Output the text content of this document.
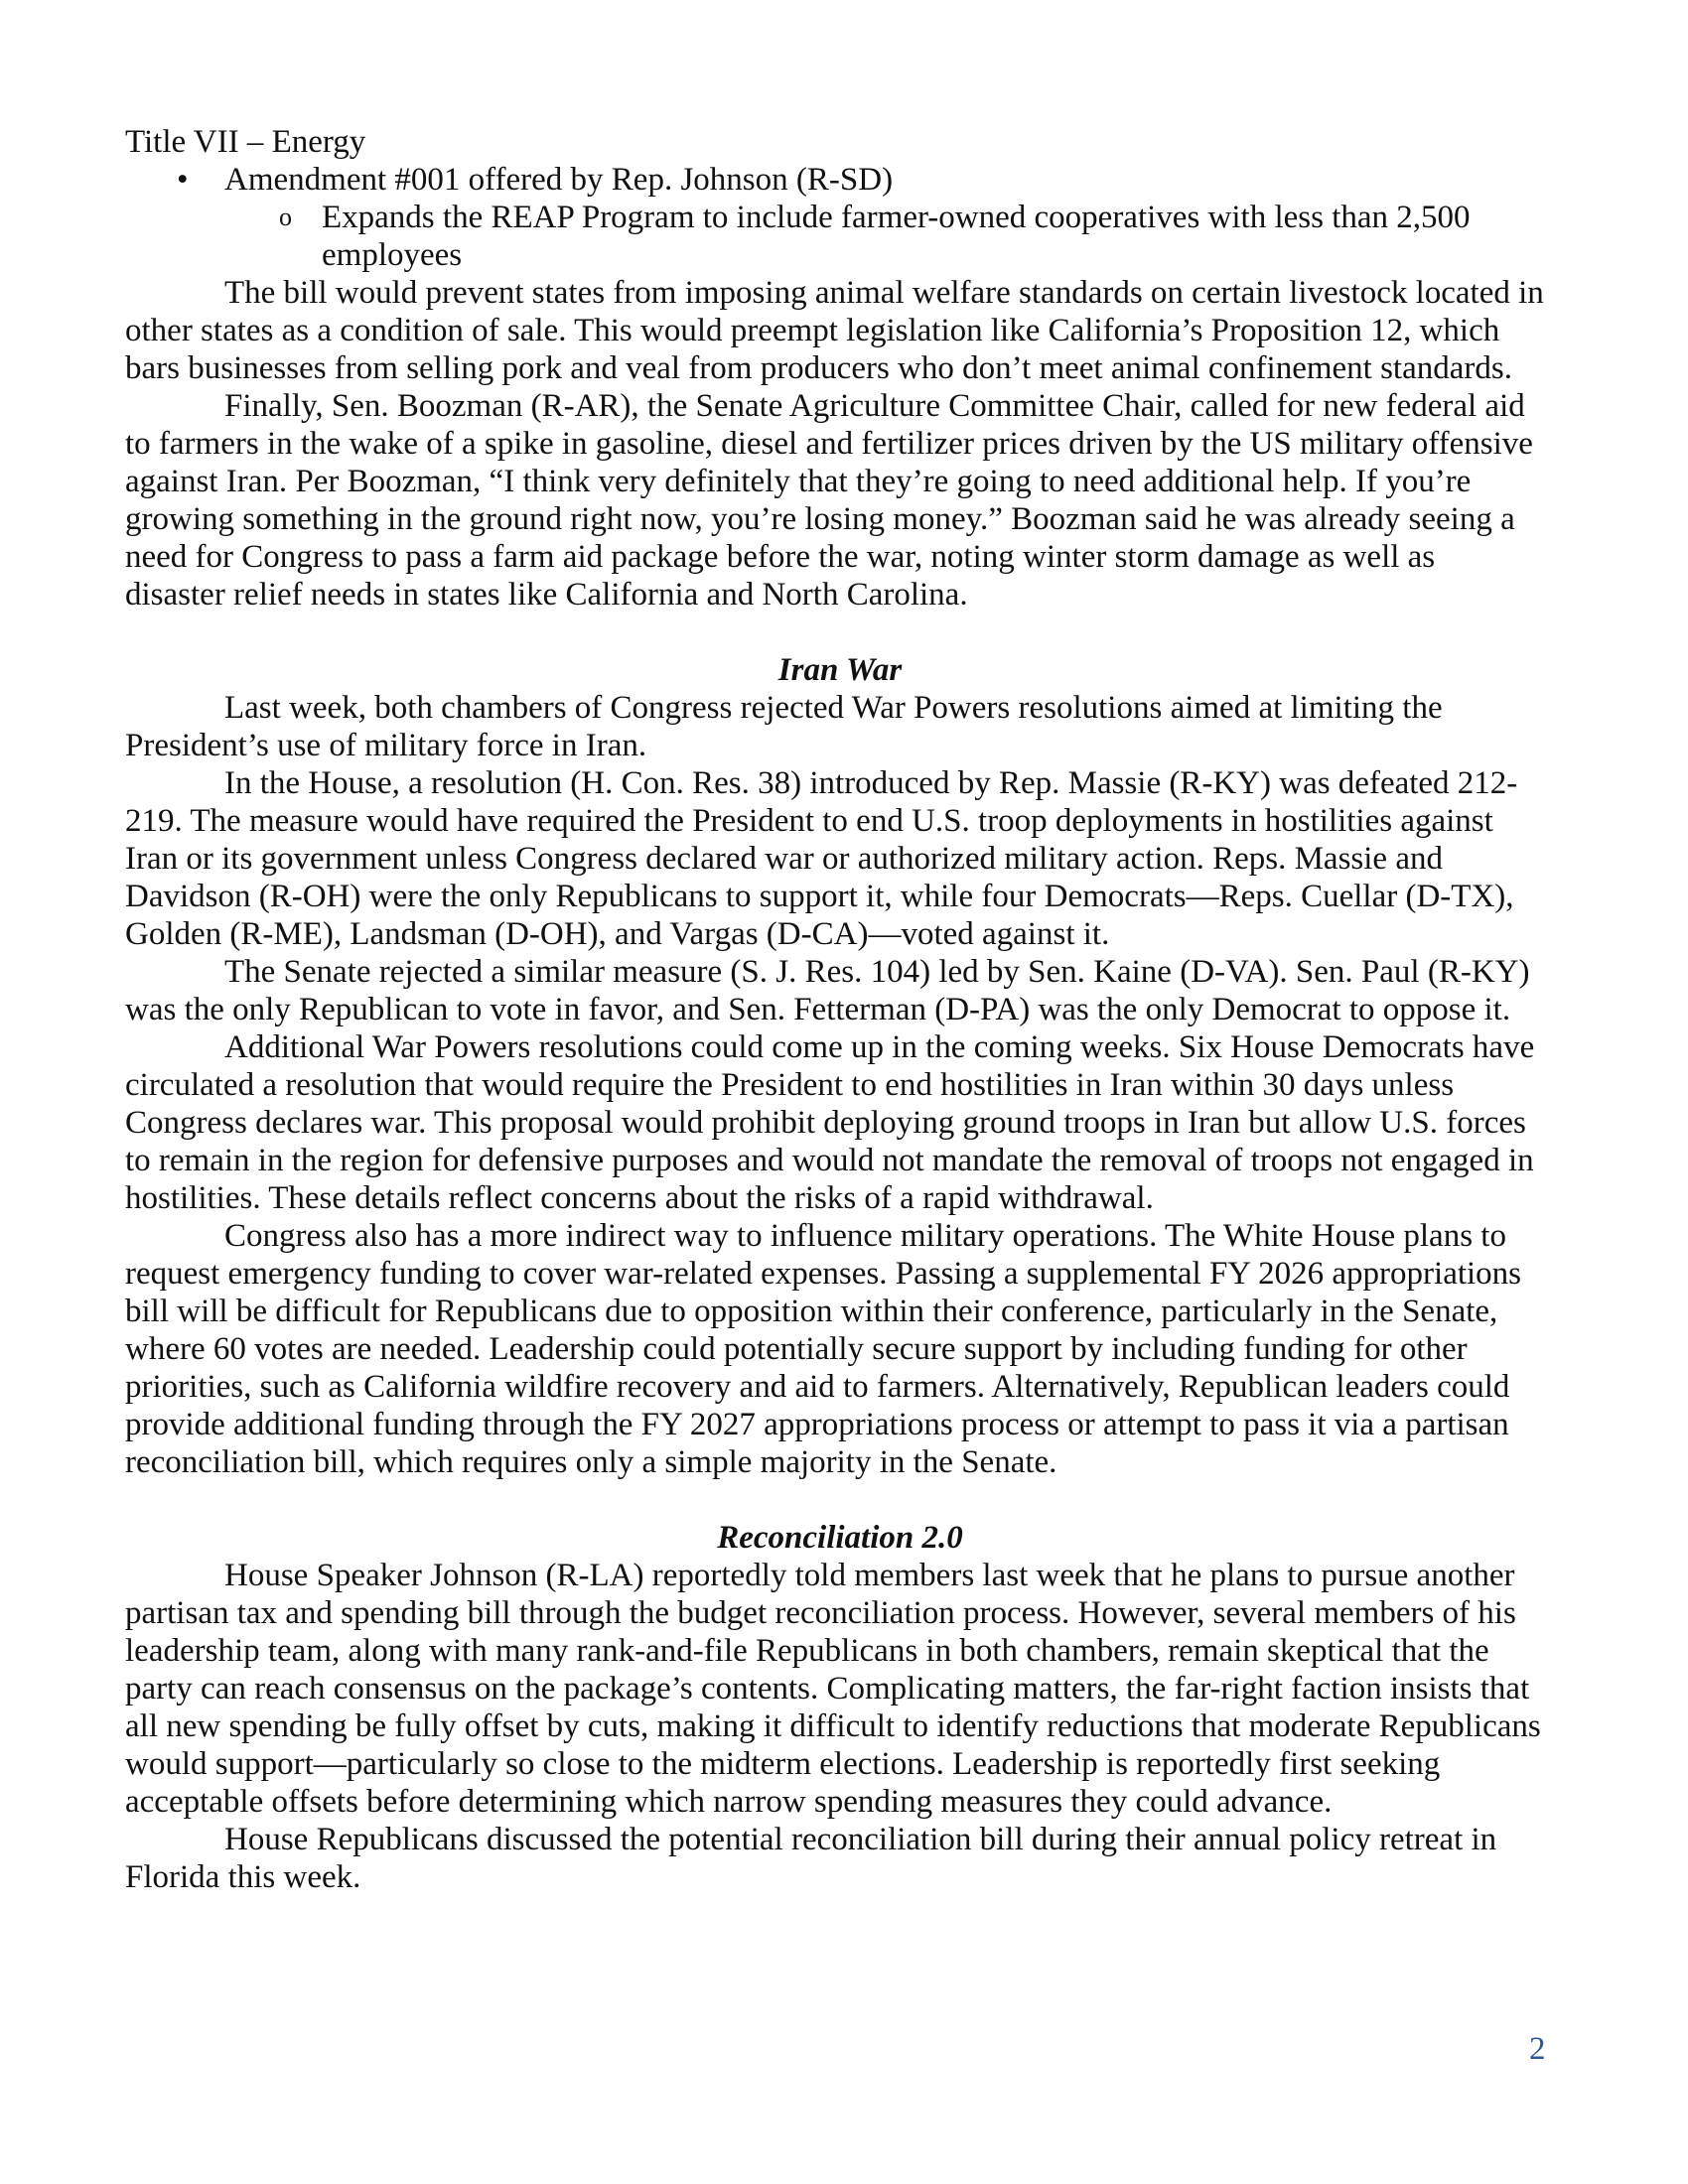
Title VII – Energy
• Amendment #001 offered by Rep. Johnson (R-SD)
o Expands the REAP Program to include farmer-owned cooperatives with less than 2,500
employees
The bill would prevent states from imposing animal welfare standards on certain livestock located in
other states as a condition of sale. This would preempt legislation like California’s Proposition 12, which
bars businesses from selling pork and veal from producers who don’t meet animal confinement standards.
Finally, Sen. Boozman (R-AR), the Senate Agriculture Committee Chair, called for new federal aid
to farmers in the wake of a spike in gasoline, diesel and fertilizer prices driven by the US military offensive
against Iran. Per Boozman, “I think very definitely that they’re going to need additional help. If you’re
growing something in the ground right now, you’re losing money.” Boozman said he was already seeing a
need for Congress to pass a farm aid package before the war, noting winter storm damage as well as
disaster relief needs in states like California and North Carolina.
Iran War
Last week, both chambers of Congress rejected War Powers resolutions aimed at limiting the
President’s use of military force in Iran.
In the House, a resolution (H. Con. Res. 38) introduced by Rep. Massie (R-KY) was defeated 212-
219. The measure would have required the President to end U.S. troop deployments in hostilities against
Iran or its government unless Congress declared war or authorized military action. Reps. Massie and
Davidson (R-OH) were the only Republicans to support it, while four Democrats—Reps. Cuellar (D-TX),
Golden (R-ME), Landsman (D-OH), and Vargas (D-CA)—voted against it.
The Senate rejected a similar measure (S. J. Res. 104) led by Sen. Kaine (D-VA). Sen. Paul (R-KY)
was the only Republican to vote in favor, and Sen. Fetterman (D-PA) was the only Democrat to oppose it.
Additional War Powers resolutions could come up in the coming weeks. Six House Democrats have
circulated a resolution that would require the President to end hostilities in Iran within 30 days unless
Congress declares war. This proposal would prohibit deploying ground troops in Iran but allow U.S. forces
to remain in the region for defensive purposes and would not mandate the removal of troops not engaged in
hostilities. These details reflect concerns about the risks of a rapid withdrawal.
Congress also has a more indirect way to influence military operations. The White House plans to
request emergency funding to cover war-related expenses. Passing a supplemental FY 2026 appropriations
bill will be difficult for Republicans due to opposition within their conference, particularly in the Senate,
where 60 votes are needed. Leadership could potentially secure support by including funding for other
priorities, such as California wildfire recovery and aid to farmers. Alternatively, Republican leaders could
provide additional funding through the FY 2027 appropriations process or attempt to pass it via a partisan
reconciliation bill, which requires only a simple majority in the Senate.
Reconciliation 2.0
House Speaker Johnson (R-LA) reportedly told members last week that he plans to pursue another
partisan tax and spending bill through the budget reconciliation process. However, several members of his
leadership team, along with many rank-and-file Republicans in both chambers, remain skeptical that the
party can reach consensus on the package’s contents. Complicating matters, the far-right faction insists that
all new spending be fully offset by cuts, making it difficult to identify reductions that moderate Republicans
would support—particularly so close to the midterm elections. Leadership is reportedly first seeking
acceptable offsets before determining which narrow spending measures they could advance.
House Republicans discussed the potential reconciliation bill during their annual policy retreat in
Florida this week.
2
